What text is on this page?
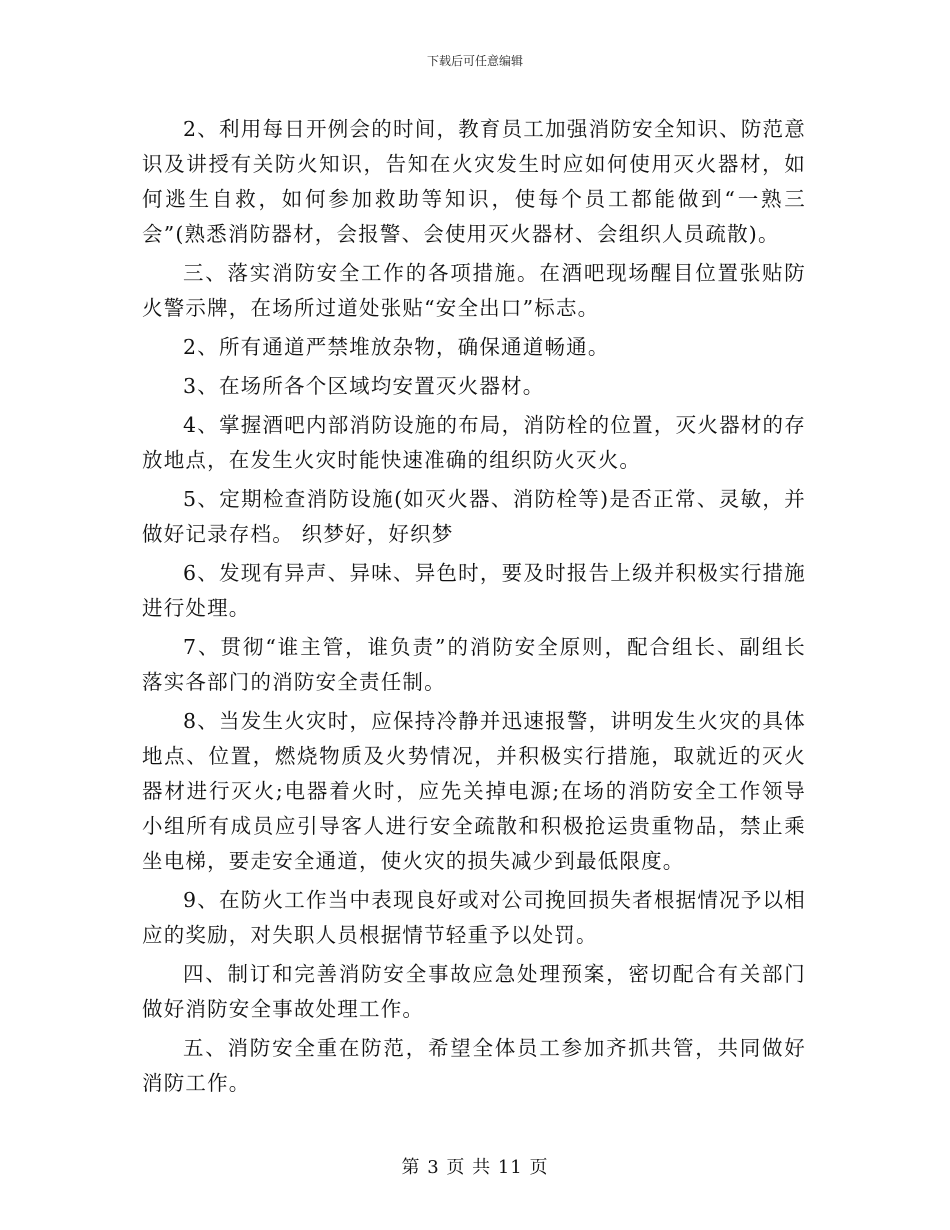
下载后可任意编辑

2、利用每日开例会的时间，教育员工加强消防安全知识、防范意识及讲授有关防火知识，告知在火灾发生时应如何使用灭火器材，如何逃生自救，如何参加救助等知识，使每个员工都能做到“一熟三会”(熟悉消防器材，会报警、会使用灭火器材、会组织人员疏散)。

三、落实消防安全工作的各项措施。在酒吧现场醒目位置张贴防火警示牌，在场所过道处张贴“安全出口”标志。

2、所有通道严禁堆放杂物，确保通道畅通。

3、在场所各个区域均安置灭火器材。

4、掌握酒吧内部消防设施的布局，消防栓的位置，灭火器材的存放地点，在发生火灾时能快速准确的组织防火灭火。

5、定期检查消防设施(如灭火器、消防栓等)是否正常、灵敏，并做好记录存档。 织梦好，好织梦

6、发现有异声、异味、异色时，要及时报告上级并积极实行措施进行处理。

7、贯彻“谁主管，谁负责”的消防安全原则，配合组长、副组长落实各部门的消防安全责任制。

8、当发生火灾时，应保持冷静并迅速报警，讲明发生火灾的具体地点、位置，燃烧物质及火势情况，并积极实行措施，取就近的灭火器材进行灭火;电器着火时，应先关掉电源;在场的消防安全工作领导小组所有成员应引导客人进行安全疏散和积极抢运贵重物品，禁止乘坐电梯，要走安全通道，使火灾的损失减少到最低限度。

9、在防火工作当中表现良好或对公司挽回损失者根据情况予以相应的奖励，对失职人员根据情节轻重予以处罚。

四、制订和完善消防安全事故应急处理预案，密切配合有关部门做好消防安全事故处理工作。

五、消防安全重在防范，希望全体员工参加齐抓共管，共同做好消防工作。

第 3 页 共 11 页
